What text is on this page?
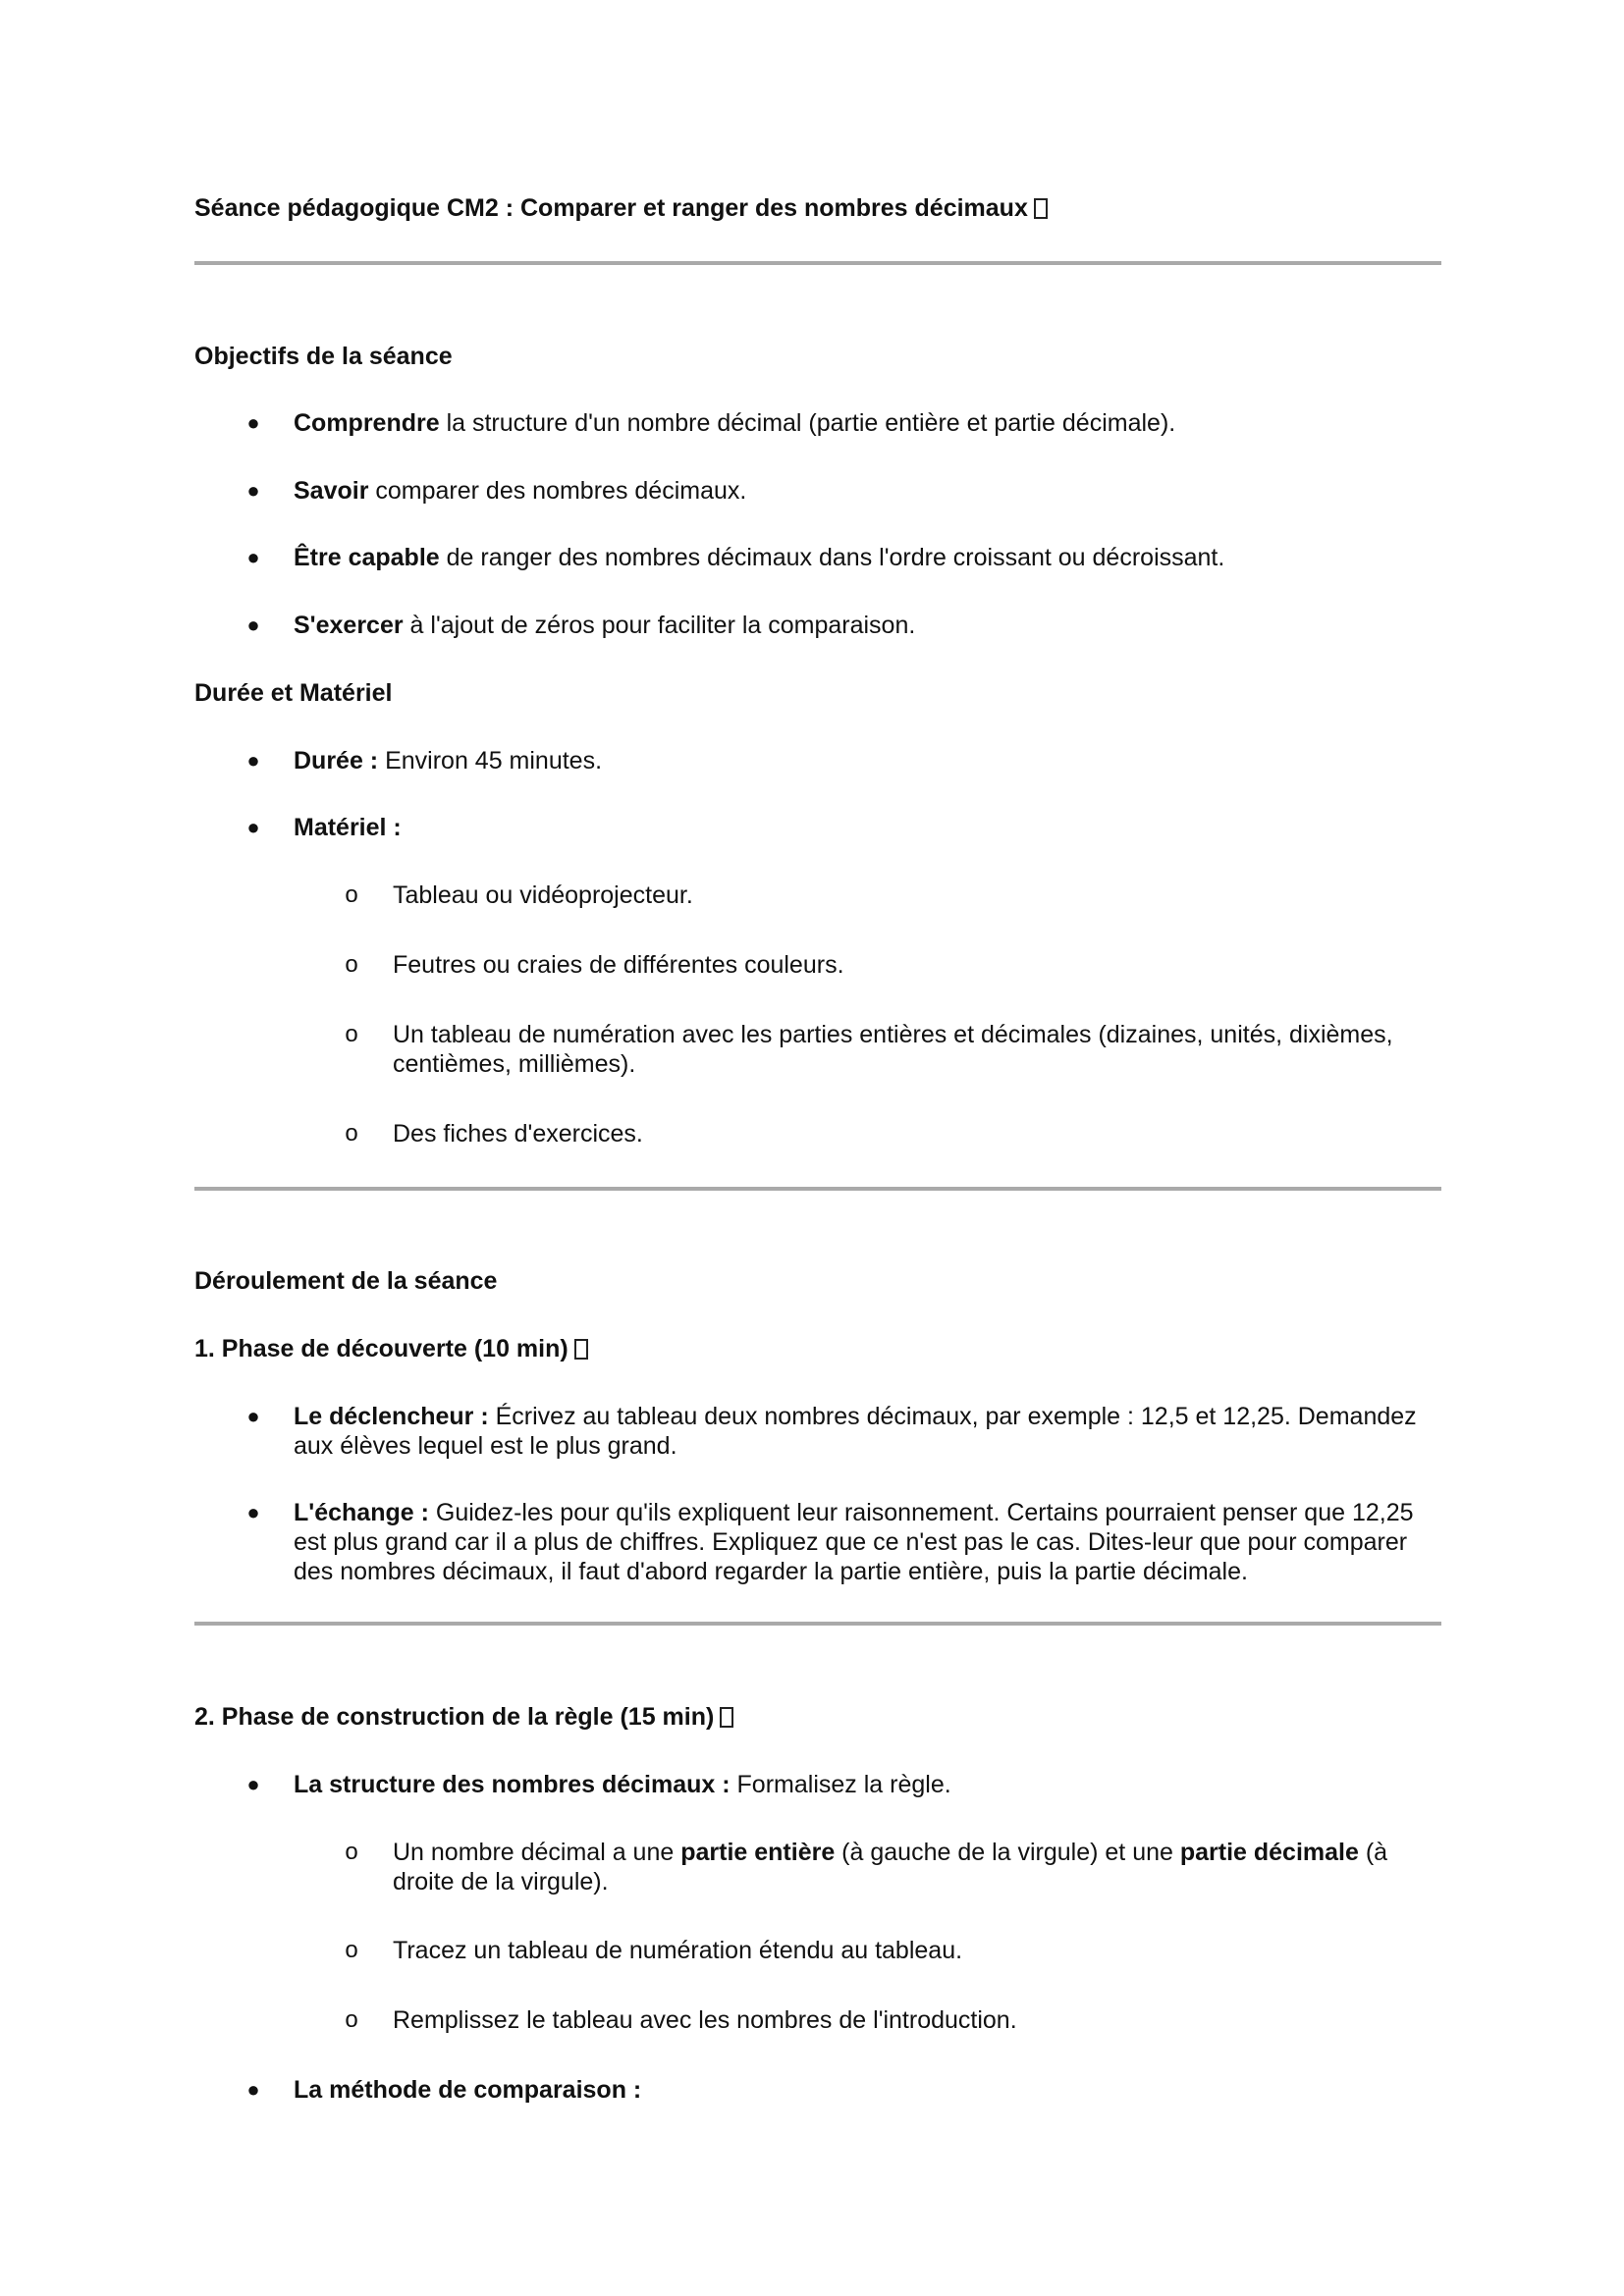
Séance pédagogique CM2 : Comparer et ranger des nombres décimaux

Objectifs de la séance

● Comprendre la structure d'un nombre décimal (partie entière et partie décimale).
● Savoir comparer des nombres décimaux.
● Être capable de ranger des nombres décimaux dans l'ordre croissant ou décroissant.
● S'exercer à l'ajout de zéros pour faciliter la comparaison.

Durée et Matériel

● Durée : Environ 45 minutes.
● Matériel :
o Tableau ou vidéoprojecteur.
o Feutres ou craies de différentes couleurs.
o Un tableau de numération avec les parties entières et décimales (dizaines, unités, dixièmes, centièmes, millièmes).
o Des fiches d'exercices.

Déroulement de la séance

1. Phase de découverte (10 min)

● Le déclencheur : Écrivez au tableau deux nombres décimaux, par exemple : 12,5 et 12,25. Demandez aux élèves lequel est le plus grand.
● L'échange : Guidez-les pour qu'ils expliquent leur raisonnement. Certains pourraient penser que 12,25 est plus grand car il a plus de chiffres. Expliquez que ce n'est pas le cas. Dites-leur que pour comparer des nombres décimaux, il faut d'abord regarder la partie entière, puis la partie décimale.

2. Phase de construction de la règle (15 min)

● La structure des nombres décimaux : Formalisez la règle.
o Un nombre décimal a une partie entière (à gauche de la virgule) et une partie décimale (à droite de la virgule).
o Tracez un tableau de numération étendu au tableau.
o Remplissez le tableau avec les nombres de l'introduction.
● La méthode de comparaison :
